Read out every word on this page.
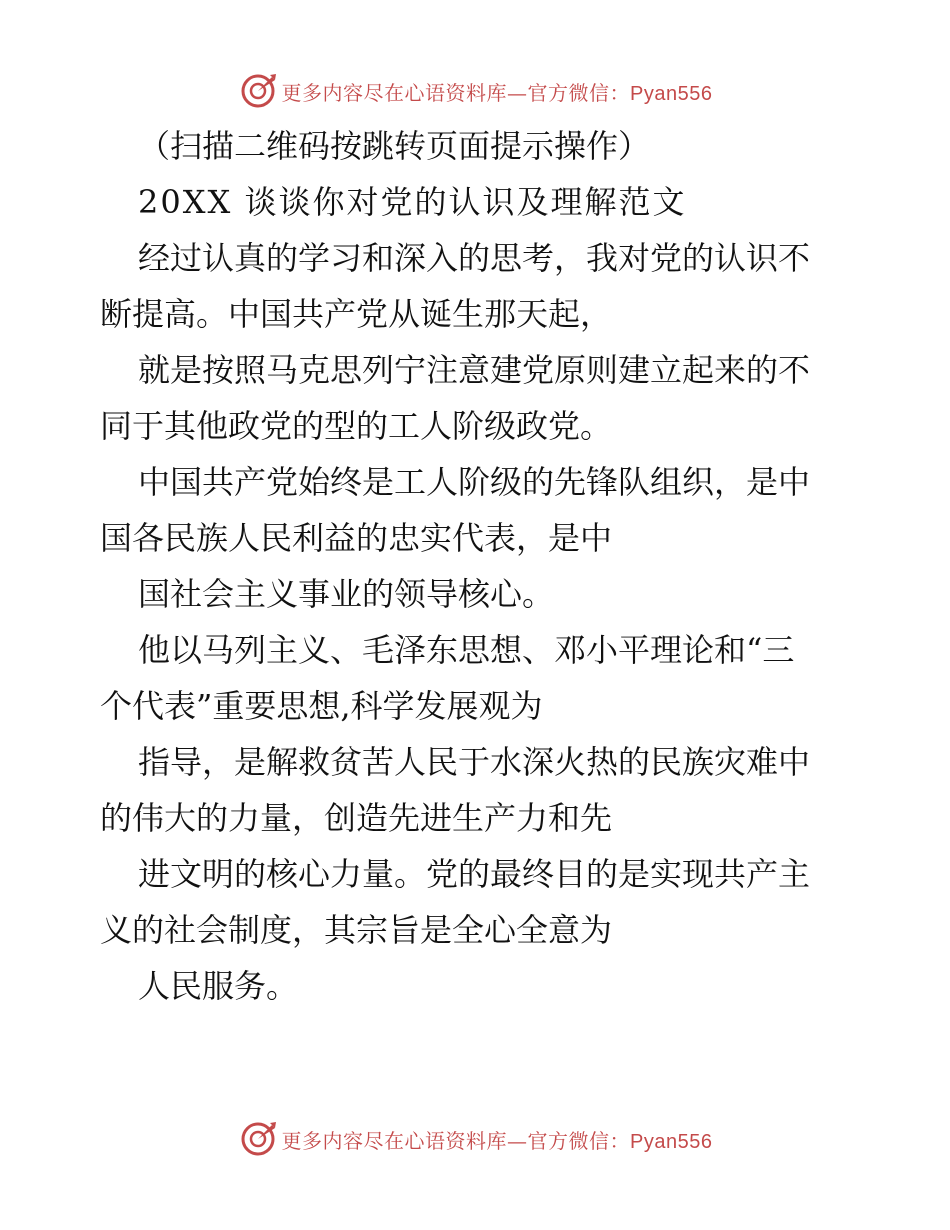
更多内容尽在心语资料库—官方微信：Pyan556
（扫描二维码按跳转页面提示操作）
20XX 谈谈你对党的认识及理解范文
经过认真的学习和深入的思考，我对党的认识不
断提高。中国共产党从诞生那天起，
就是按照马克思列宁注意建党原则建立起来的不
同于其他政党的型的工人阶级政党。
中国共产党始终是工人阶级的先锋队组织，是中
国各民族人民利益的忠实代表，是中
国社会主义事业的领导核心。
他以马列主义、毛泽东思想、邓小平理论和“三
个代表”重要思想,科学发展观为
指导，是解救贫苦人民于水深火热的民族灾难中
的伟大的力量，创造先进生产力和先
进文明的核心力量。党的最终目的是实现共产主
义的社会制度，其宗旨是全心全意为
人民服务。
更多内容尽在心语资料库—官方微信：Pyan556
